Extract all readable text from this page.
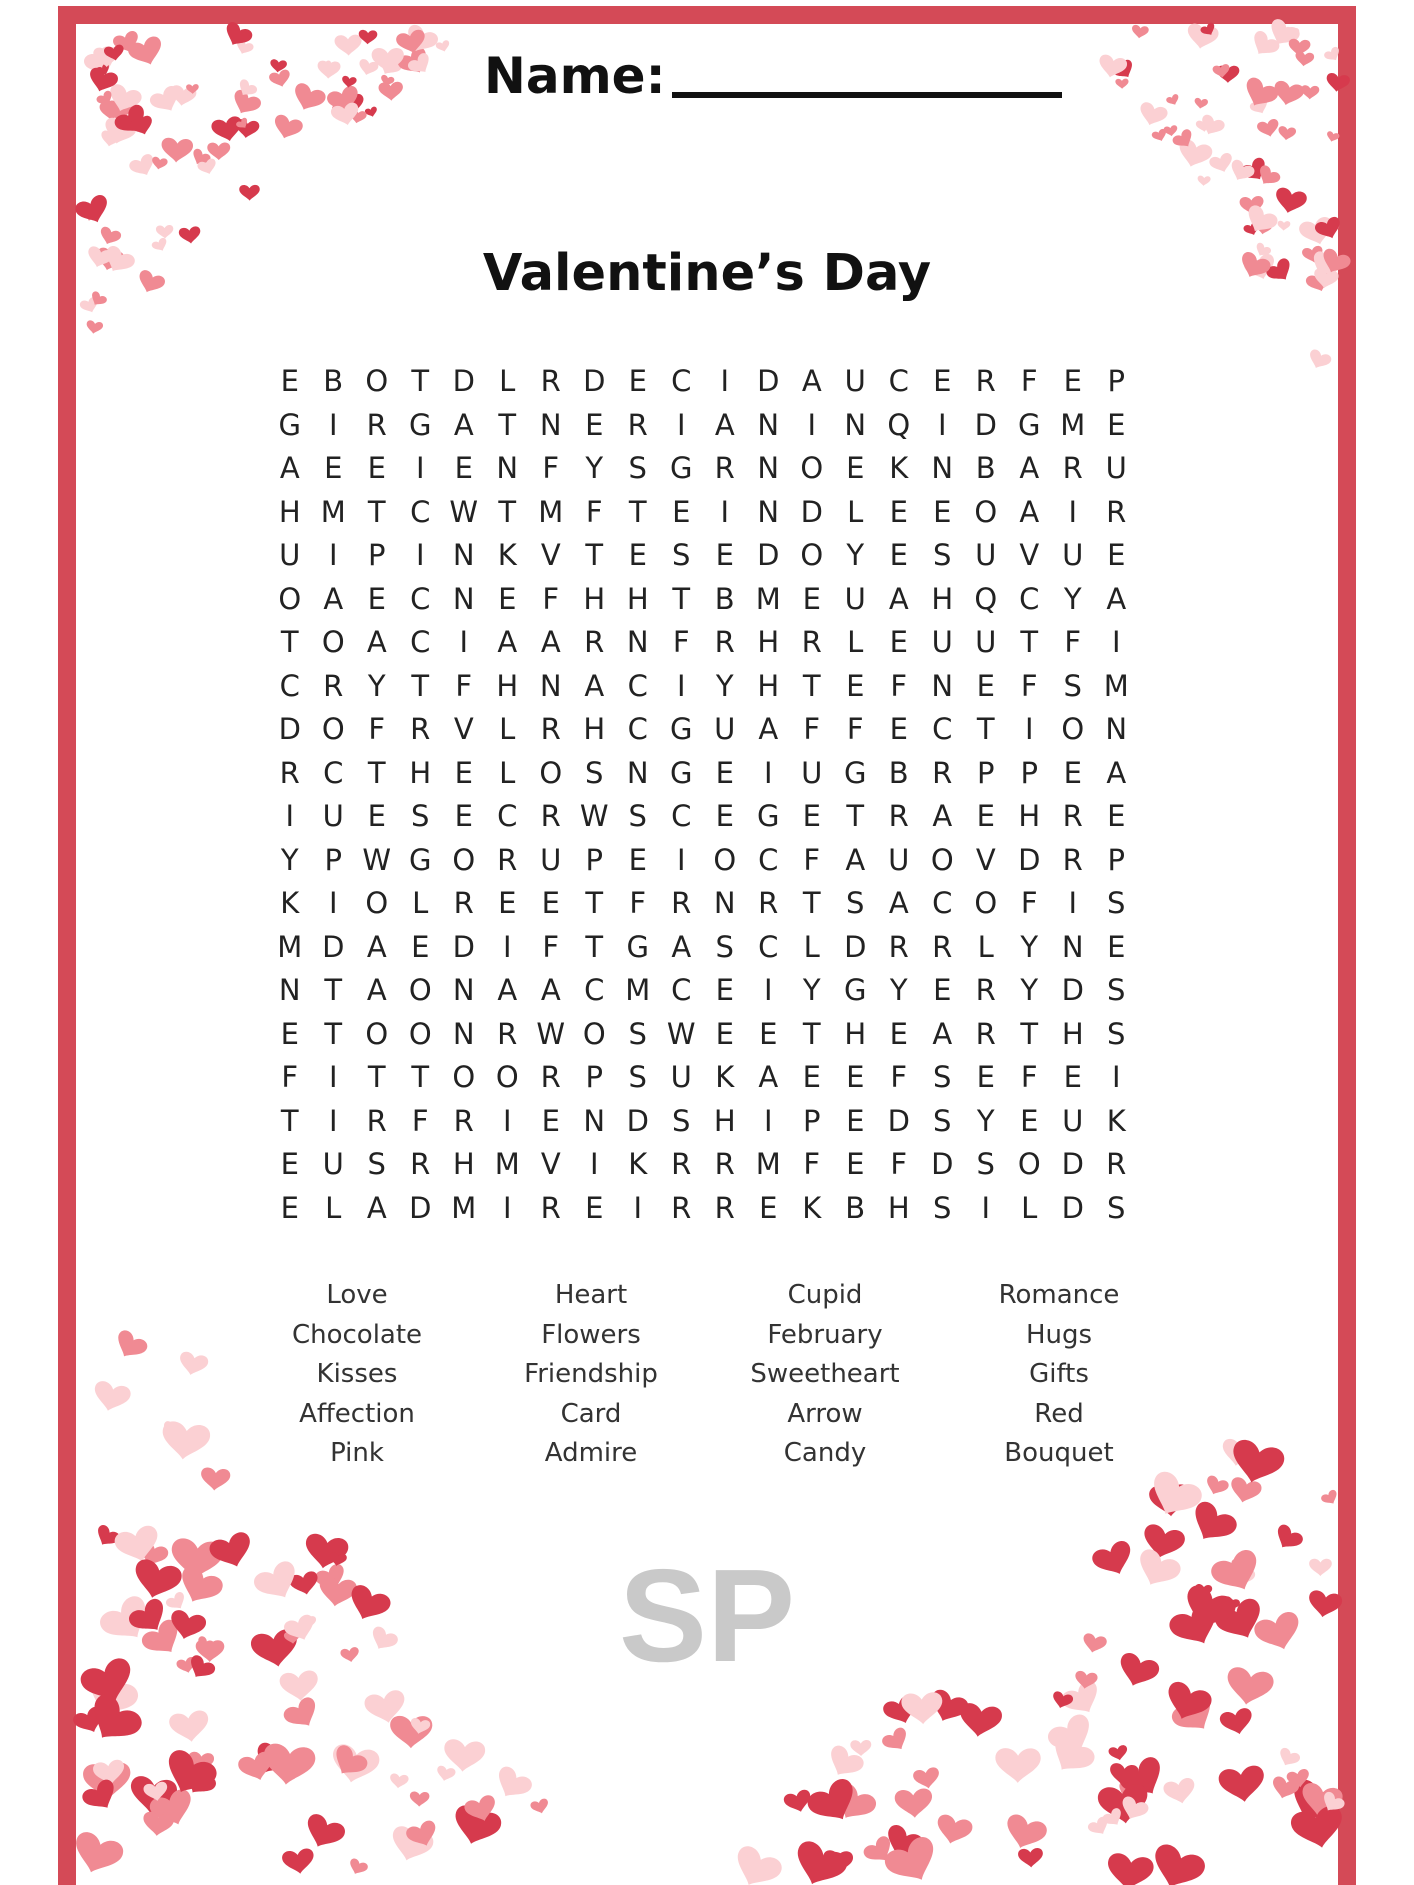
Name:
Valentine’s Day
E B O T D L R D E C	I D A U C E R F E P
G I	R G A T N E R	I	A N I N Q I D G M E
A E E	I	E N F Y S G R N O E K N B A R U
H M T C W T M F T E	I N D L E E O A	I	R
U I	P	I N K V T E S E D O Y E S U V U E
O A E C N E F H H T B M E U A H Q C Y A
T O A C	I	A A R N F R H R L E U U T F	I
C R Y T F H N A C	I	Y H T E F N E F S M
D O F R V L R H C G U A F F E C T	I O N
R C T H E L O S N G E	I U G B R P P E A
I U E S E C R W S C E G E T R A E H R E
Y P W G O R U P E	I O C F A U O V D R P
K	I O L R E E T F R N R T S A C O F	I	S
M D A E D I	F T G A S C L D R R L Y N E
N T A O N A A C M C E	I	Y G Y E R Y D S
E T O O N R W O S W E E T H E A R T H S
F	I	T T O O R P S U K A E E F S E F E	I
T	I	R F R	I	E N D S H I	P E D S Y E U K
E U S R H M V	I	K R R M F E F D S O D R
E L A D M I	R E	I	R R E K B H S	I	L D S
Love	Heart	Cupid	Romance
Chocolate	Flowers	February	Hugs
Kisses	Friendship	Sweetheart	Gifts
Affection	Card	Arrow	Red
Pink	Admire	Candy	Bouquet
SP
